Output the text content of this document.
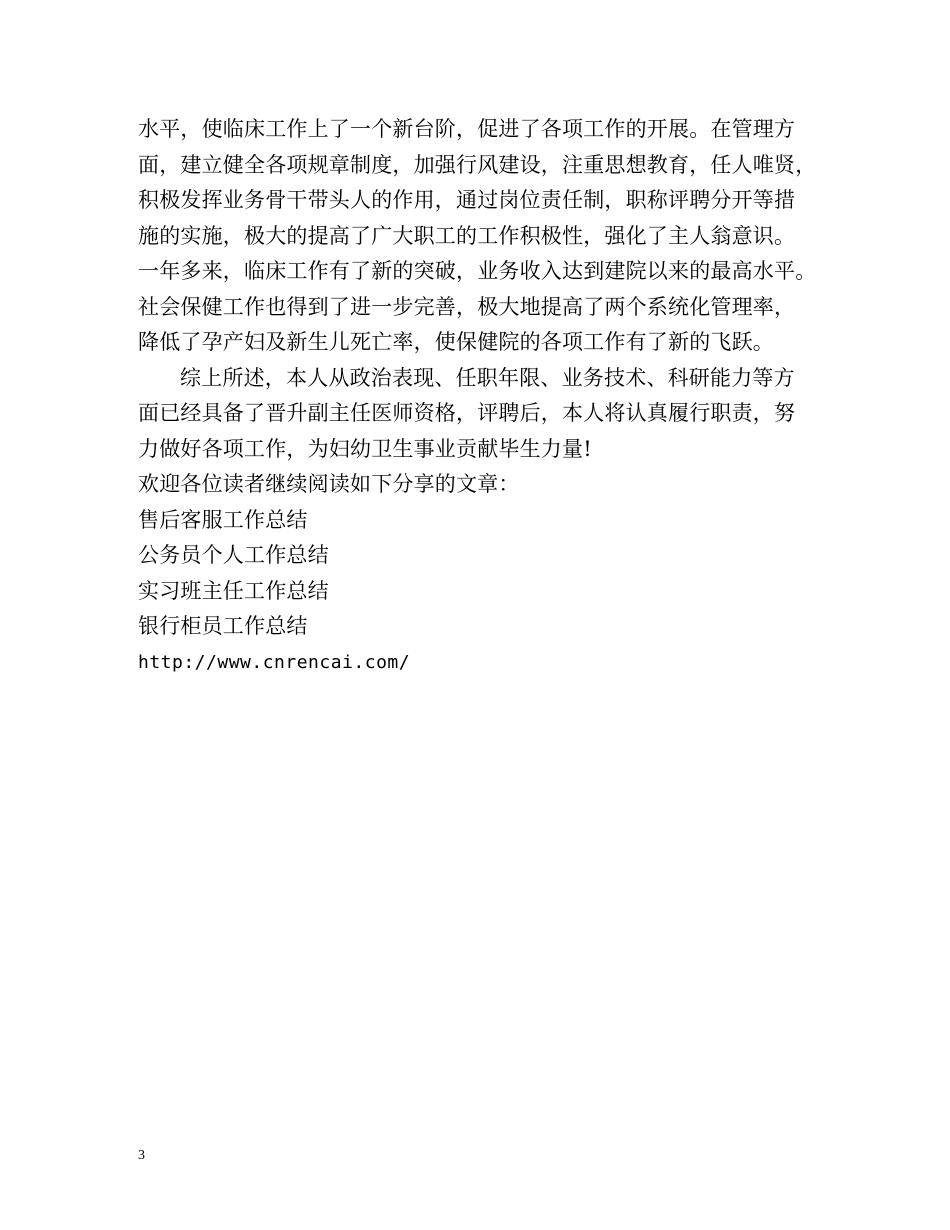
水平，使临床工作上了一个新台阶，促进了各项工作的开展。在管理方
面，建立健全各项规章制度，加强行风建设，注重思想教育，任人唯贤，
积极发挥业务骨干带头人的作用，通过岗位责任制，职称评聘分开等措
施的实施，极大的提高了广大职工的工作积极性，强化了主人翁意识。
一年多来，临床工作有了新的突破，业务收入达到建院以来的最高水平。
社会保健工作也得到了进一步完善，极大地提高了两个系统化管理率，
降低了孕产妇及新生儿死亡率，使保健院的各项工作有了新的飞跃。
综上所述，本人从政治表现、任职年限、业务技术、科研能力等方
面已经具备了晋升副主任医师资格，评聘后，本人将认真履行职责，努
力做好各项工作，为妇幼卫生事业贡献毕生力量!
欢迎各位读者继续阅读如下分享的文章：
售后客服工作总结
公务员个人工作总结
实习班主任工作总结
银行柜员工作总结
http://www.cnrencai.com/
3
